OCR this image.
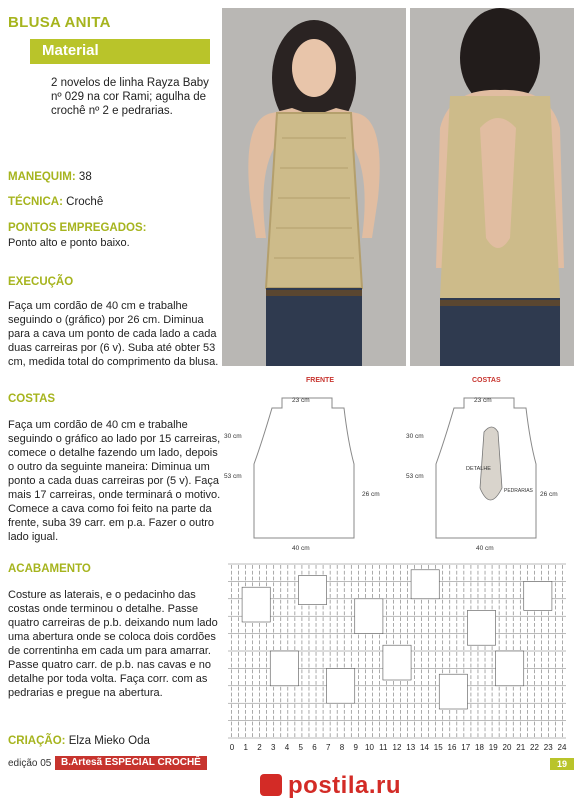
BLUSA ANITA
Material
2 novelos de linha Rayza Baby nº 029 na cor Rami; agulha de crochê nº 2 e pedrarias.
MANEQUIM: 38
TÉCNICA: Crochê
PONTOS EMPREGADOS:
Ponto alto e ponto baixo.
EXECUÇÃO
Faça um cordão de 40 cm e trabalhe seguindo o (gráfico) por 26 cm. Diminua para a cava um ponto de cada lado a cada duas carreiras por (6 v). Suba até obter 53 cm, medida total do comprimento da blusa.
COSTAS
Faça um cordão de 40 cm e trabalhe seguindo o gráfico ao lado por 15 carreiras, comece o detalhe fazendo um lado, depois o outro da seguinte maneira: Diminua um ponto a cada duas carreiras por (5 v). Faça mais 17 carreiras, onde terminará o motivo. Comece a cava como foi feito na parte da frente, suba 39 carr. em p.a. Fazer o outro lado igual.
ACABAMENTO
Costure as laterais, e o pedacinho das costas onde terminou o detalhe. Passe quatro carreiras de p.b. deixando num lado uma abertura onde se coloca dois cordões de correntinha em cada um para amarrar. Passe quatro carr. de p.b. nas cavas e no detalhe por toda volta. Faça corr. com as pedrarias e pregue na abertura.
CRIAÇÃO: Elza Mieko Oda
FRENTE	COSTAS
23 cm
30 cm
53 cm
26 cm
40 cm
23 cm
30 cm
53 cm
26 cm
40 cm
DETALHE
PEDRARIAS
0 1 2 3 4 5 6 7 8 9 10 11 12 13 14 15 16 17 18 19 20 21 22 23 24
edição 05 B.Artesã ESPECIAL CROCHÊ	19
postila.ru
